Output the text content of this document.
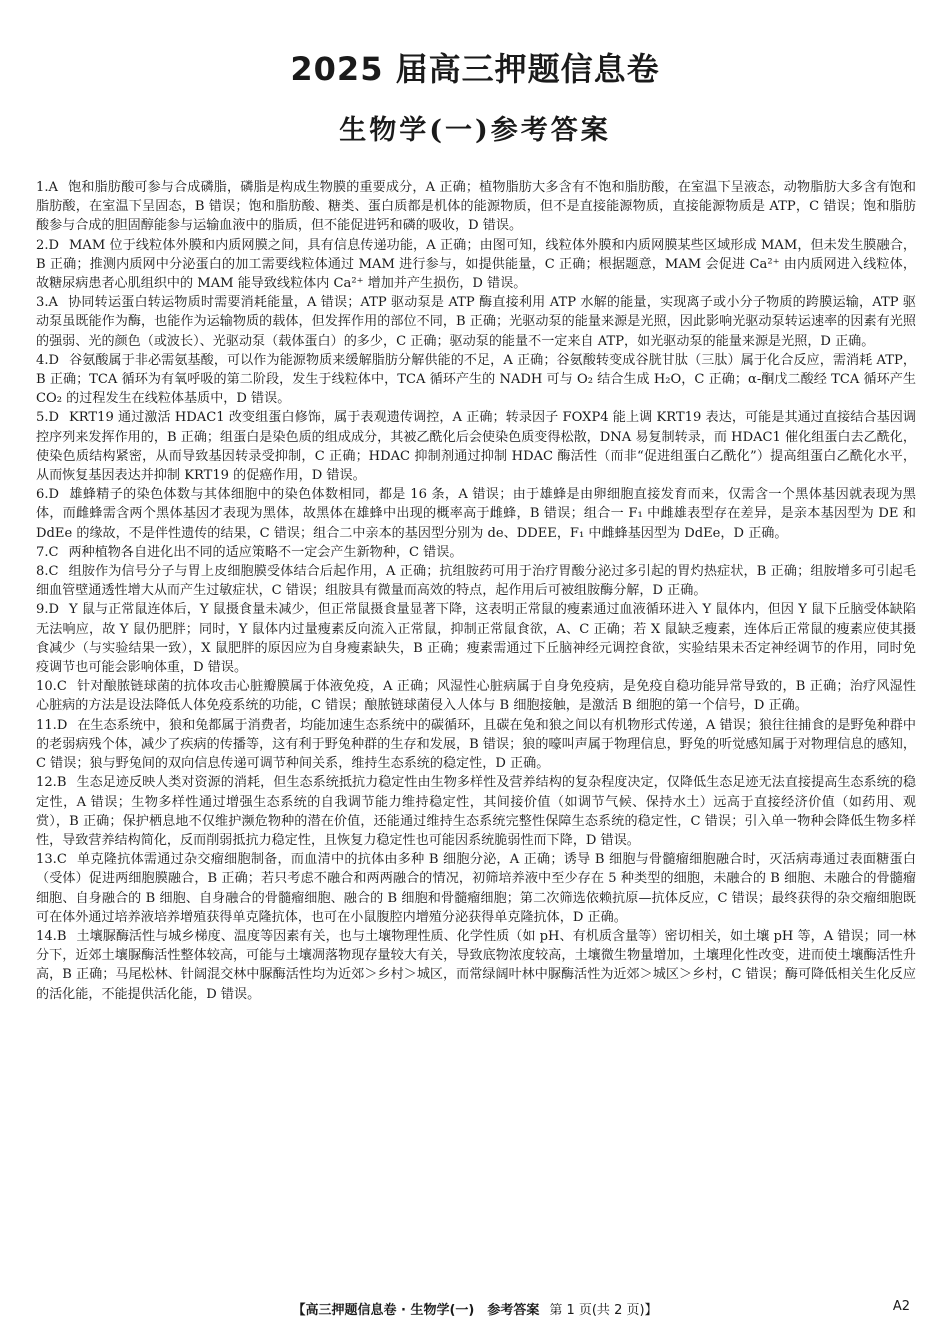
2025 届高三押题信息卷
生物学(一)参考答案
1.A 饱和脂肪酸可参与合成磷脂，磷脂是构成生物膜的重要成分，A 正确；植物脂肪大多含有不饱和脂肪酸，在室温下呈液态，动物脂肪大多含有饱和脂肪酸，在室温下呈固态，B 错误；饱和脂肪酸、糖类、蛋白质都是机体的能源物质，但不是直接能源物质，直接能源物质是 ATP，C 错误；饱和脂肪酸参与合成的胆固醇能参与运输血液中的脂质，但不能促进钙和磷的吸收，D 错误。
2.D MAM 位于线粒体外膜和内质网膜之间，具有信息传递功能，A 正确；由图可知，线粒体外膜和内质网膜某些区域形成 MAM，但未发生膜融合，B 正确；推测内质网中分泌蛋白的加工需要线粒体通过 MAM 进行参与，如提供能量，C 正确；根据题意，MAM 会促进 Ca²⁺ 由内质网进入线粒体，故糖尿病患者心肌组织中的 MAM 能导致线粒体内 Ca²⁺ 增加并产生损伤，D 错误。
3.A 协同转运蛋白转运物质时需要消耗能量，A 错误；ATP 驱动泵是 ATP 酶直接利用 ATP 水解的能量，实现离子或小分子物质的跨膜运输，ATP 驱动泵虽既能作为酶，也能作为运输物质的载体，但发挥作用的部位不同，B 正确；光驱动泵的能量来源是光照，因此影响光驱动泵转运速率的因素有光照的强弱、光的颜色（或波长）、光驱动泵（载体蛋白）的多少，C 正确；驱动泵的能量不一定来自 ATP，如光驱动泵的能量来源是光照，D 正确。
4.D 谷氨酸属于非必需氨基酸，可以作为能源物质来缓解脂肪分解供能的不足，A 正确；谷氨酸转变成谷胱甘肽（三肽）属于化合反应，需消耗 ATP，B 正确；TCA 循环为有氧呼吸的第二阶段，发生于线粒体中，TCA 循环产生的 NADH 可与 O₂ 结合生成 H₂O，C 正确；α-酮戊二酸经 TCA 循环产生 CO₂ 的过程发生在线粒体基质中，D 错误。
5.D KRT19 通过激活 HDAC1 改变组蛋白修饰，属于表观遗传调控，A 正确；转录因子 FOXP4 能上调 KRT19 表达，可能是其通过直接结合基因调控序列来发挥作用的，B 正确；组蛋白是染色质的组成成分，其被乙酰化后会使染色质变得松散，DNA 易复制转录，而 HDAC1 催化组蛋白去乙酰化，使染色质结构紧密，从而导致基因转录受抑制，C 正确；HDAC 抑制剂通过抑制 HDAC 酶活性（而非“促进组蛋白乙酰化”）提高组蛋白乙酰化水平，从而恢复基因表达并抑制 KRT19 的促癌作用，D 错误。
6.D 雄蜂精子的染色体数与其体细胞中的染色体数相同，都是 16 条，A 错误；由于雄蜂是由卵细胞直接发育而来，仅需含一个黑体基因就表现为黑体，而雌蜂需含两个黑体基因才表现为黑体，故黑体在雄蜂中出现的概率高于雌蜂，B 错误；组合一 F₁ 中雌雄表型存在差异，是亲本基因型为 DE 和 DdEe 的缘故，不是伴性遗传的结果，C 错误；组合二中亲本的基因型分别为 de、DDEE，F₁ 中雌蜂基因型为 DdEe，D 正确。
7.C 两种植物各自进化出不同的适应策略不一定会产生新物种，C 错误。
8.C 组胺作为信号分子与胃上皮细胞膜受体结合后起作用，A 正确；抗组胺药可用于治疗胃酸分泌过多引起的胃灼热症状，B 正确；组胺增多可引起毛细血管壁通透性增大从而产生过敏症状，C 错误；组胺具有微量而高效的特点，起作用后可被组胺酶分解，D 正确。
9.D Y 鼠与正常鼠连体后，Y 鼠摄食量未减少，但正常鼠摄食量显著下降，这表明正常鼠的瘦素通过血液循环进入 Y 鼠体内，但因 Y 鼠下丘脑受体缺陷无法响应，故 Y 鼠仍肥胖；同时，Y 鼠体内过量瘦素反向流入正常鼠，抑制正常鼠食欲，A、C 正确；若 X 鼠缺乏瘦素，连体后正常鼠的瘦素应使其摄食减少（与实验结果一致），X 鼠肥胖的原因应为自身瘦素缺失，B 正确；瘦素需通过下丘脑神经元调控食欲，实验结果未否定神经调节的作用，同时免疫调节也可能会影响体重，D 错误。
10.C 针对酿脓链球菌的抗体攻击心脏瓣膜属于体液免疫，A 正确；风湿性心脏病属于自身免疫病，是免疫自稳功能异常导致的，B 正确；治疗风湿性心脏病的方法是设法降低人体免疫系统的功能，C 错误；酿脓链球菌侵入人体与 B 细胞接触，是激活 B 细胞的第一个信号，D 正确。
11.D 在生态系统中，狼和兔都属于消费者，均能加速生态系统中的碳循环，且碳在兔和狼之间以有机物形式传递，A 错误；狼往往捕食的是野兔种群中的老弱病残个体，减少了疾病的传播等，这有利于野兔种群的生存和发展，B 错误；狼的嚎叫声属于物理信息，野兔的听觉感知属于对物理信息的感知，C 错误；狼与野兔间的双向信息传递可调节种间关系，维持生态系统的稳定性，D 正确。
12.B 生态足迹反映人类对资源的消耗，但生态系统抵抗力稳定性由生物多样性及营养结构的复杂程度决定，仅降低生态足迹无法直接提高生态系统的稳定性，A 错误；生物多样性通过增强生态系统的自我调节能力维持稳定性，其间接价值（如调节气候、保持水土）远高于直接经济价值（如药用、观赏），B 正确；保护栖息地不仅维护濒危物种的潜在价值，还能通过维持生态系统完整性保障生态系统的稳定性，C 错误；引入单一物种会降低生物多样性，导致营养结构简化，反而削弱抵抗力稳定性，且恢复力稳定性也可能因系统脆弱性而下降，D 错误。
13.C 单克隆抗体需通过杂交瘤细胞制备，而血清中的抗体由多种 B 细胞分泌，A 正确；诱导 B 细胞与骨髓瘤细胞融合时，灭活病毒通过表面糖蛋白（受体）促进两细胞膜融合，B 正确；若只考虑不融合和两两融合的情况，初筛培养液中至少存在 5 种类型的细胞，未融合的 B 细胞、未融合的骨髓瘤细胞、自身融合的 B 细胞、自身融合的骨髓瘤细胞、融合的 B 细胞和骨髓瘤细胞；第二次筛选依赖抗原—抗体反应，C 错误；最终获得的杂交瘤细胞既可在体外通过培养液培养增殖获得单克隆抗体，也可在小鼠腹腔内增殖分泌获得单克隆抗体，D 正确。
14.B 土壤脲酶活性与城乡梯度、温度等因素有关，也与土壤物理性质、化学性质（如 pH、有机质含量等）密切相关，如土壤 pH 等，A 错误；同一林分下，近郊土壤脲酶活性整体较高，可能与土壤凋落物现存量较大有关，导致底物浓度较高，土壤微生物量增加，土壤理化性改变，进而使土壤酶活性升高，B 正确；马尾松林、针阔混交林中脲酶活性均为近郊＞乡村＞城区，而常绿阔叶林中脲酶活性为近郊＞城区＞乡村，C 错误；酶可降低相关生化反应的活化能，不能提供活化能，D 错误。
【高三押题信息卷 · 生物学(一)　参考答案 第 1 页(共 2 页)】	A2
